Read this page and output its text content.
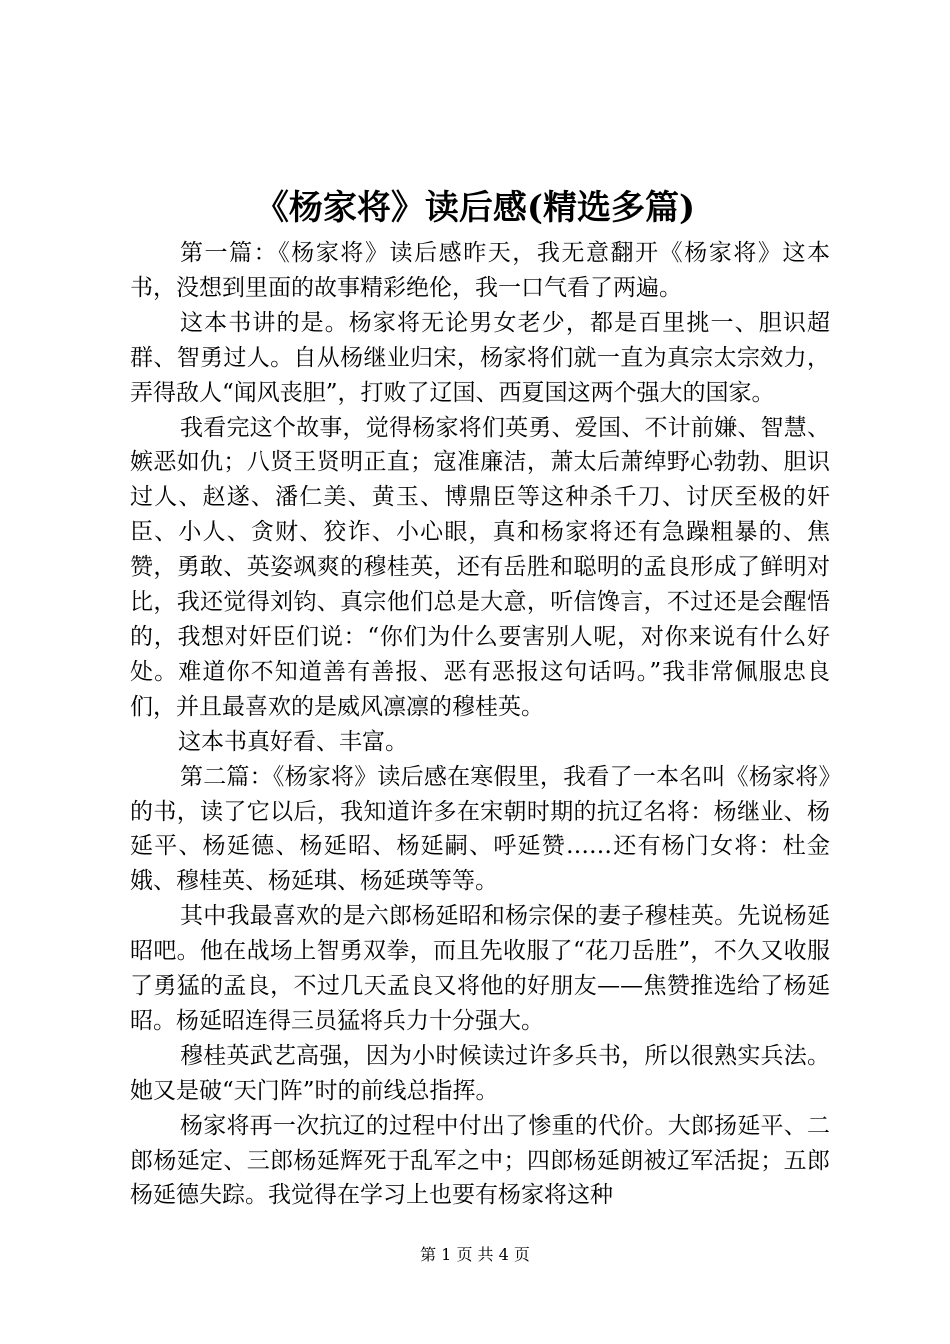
《杨家将》读后感(精选多篇)

第一篇：《杨家将》读后感昨天，我无意翻开《杨家将》这本书，没想到里面的故事精彩绝伦，我一口气看了两遍。

这本书讲的是。杨家将无论男女老少，都是百里挑一、胆识超群、智勇过人。自从杨继业归宋，杨家将们就一直为真宗太宗效力，弄得敌人“闻风丧胆”，打败了辽国、西夏国这两个强大的国家。

我看完这个故事，觉得杨家将们英勇、爱国、不计前嫌、智慧、嫉恶如仇；八贤王贤明正直；寇准廉洁，萧太后萧绰野心勃勃、胆识过人、赵遂、潘仁美、黄玉、博鼎臣等这种杀千刀、讨厌至极的奸臣、小人、贪财、狡诈、小心眼，真和杨家将还有急躁粗暴的、焦赞，勇敢、英姿飒爽的穆桂英，还有岳胜和聪明的孟良形成了鲜明对比，我还觉得刘钧、真宗他们总是大意，听信馋言，不过还是会醒悟的，我想对奸臣们说：“你们为什么要害别人呢，对你来说有什么好处。难道你不知道善有善报、恶有恶报这句话吗。”我非常佩服忠良们，并且最喜欢的是威风凛凛的穆桂英。

这本书真好看、丰富。

第二篇：《杨家将》读后感在寒假里，我看了一本名叫《杨家将》的书，读了它以后，我知道许多在宋朝时期的抗辽名将：杨继业、杨延平、杨延德、杨延昭、杨延嗣、呼延赞……还有杨门女将：杜金娥、穆桂英、杨延琪、杨延瑛等等。

其中我最喜欢的是六郎杨延昭和杨宗保的妻子穆桂英。先说杨延昭吧。他在战场上智勇双拳，而且先收服了“花刀岳胜”，不久又收服了勇猛的孟良，不过几天孟良又将他的好朋友——焦赞推选给了杨延昭。杨延昭连得三员猛将兵力十分强大。

穆桂英武艺高强，因为小时候读过许多兵书，所以很熟实兵法。她又是破“天门阵”时的前线总指挥。

杨家将再一次抗辽的过程中付出了惨重的代价。大郎扬延平、二郎杨延定、三郎杨延辉死于乱军之中；四郎杨延朗被辽军活捉；五郎杨延德失踪。我觉得在学习上也要有杨家将这种

第 1 页 共 4 页
